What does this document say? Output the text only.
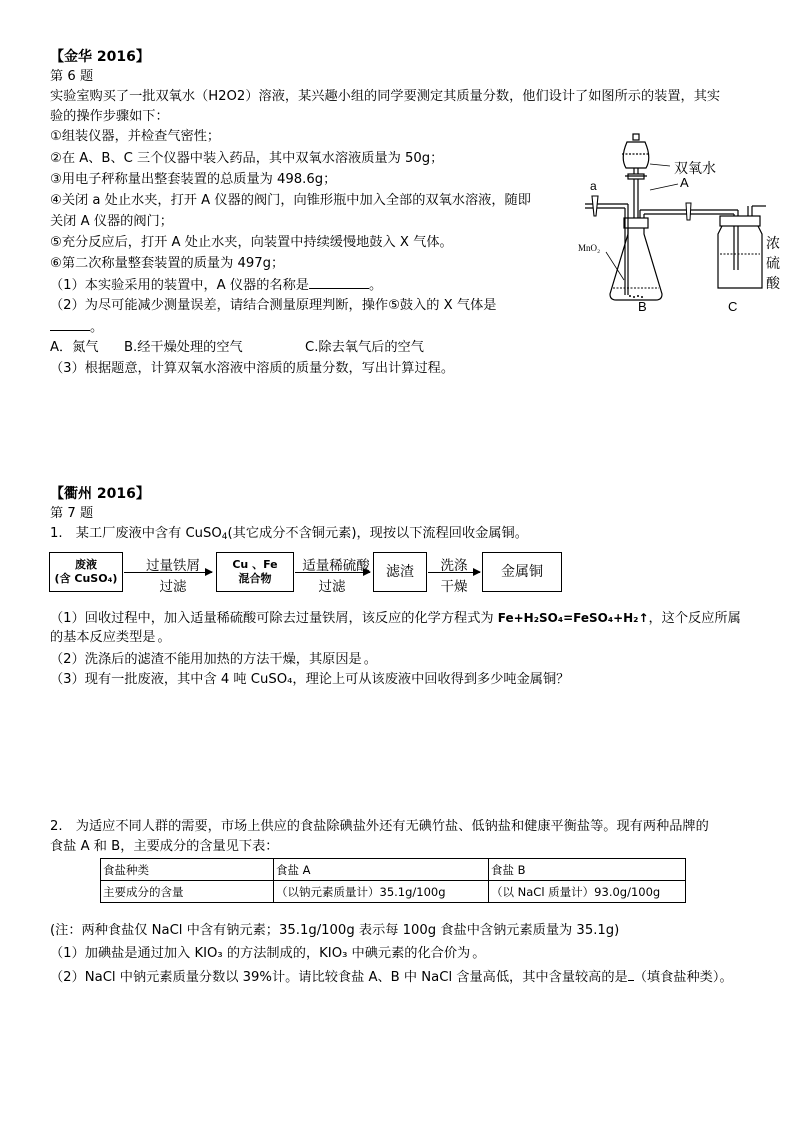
【金华 2016】
第 6 题
实验室购买了一批双氧水（H2O2）溶液，某兴趣小组的同学要测定其质量分数，他们设计了如图所示的装置，其实
验的操作步骤如下：
①组装仪器，并检查气密性；
②在 A、B、C 三个仪器中装入药品，其中双氧水溶液质量为 50g；
③用电子秤称量出整套装置的总质量为 498.6g；
④关闭 a 处止水夹，打开 A 仪器的阀门，向锥形瓶中加入全部的双氧水溶液，随即
关闭 A 仪器的阀门；
⑤充分反应后，打开 A 处止水夹，向装置中持续缓慢地鼓入 X 气体。
⑥第二次称量整套装置的质量为 497g；
（1）本实验采用的装置中，A 仪器的名称是	。
（2）为尽可能减少测量误差，请结合测量原理判断，操作⑤鼓入的 X 气体是
。
A．氮气 B.经干燥处理的空气	C.除去氧气后的空气
（3）根据题意，计算双氧水溶液中溶质的质量分数，写出计算过程。
双氧水
a	A
MnO₂	浓
硫
酸
B	C
【衢州 2016】
第 7 题
1.　某工厂废液中含有 CuSO$_4$(其它成分不含铜元素)，现按以下流程回收金属铜。
废液
(含 CuSO₄)
过量铁屑
过滤
Cu 、Fe
混合物
适量稀硫酸
过滤
滤渣	洗涤
干燥
金属铜
（1）回收过程中，加入适量稀硫酸可除去过量铁屑，该反应的化学方程式为 Fe+H₂SO₄=FeSO₄+H₂↑，这个反应所属
的基本反应类型是 。
（2）洗涤后的滤渣不能用加热的方法干燥，其原因是 。
（3）现有一批废液，其中含 4 吨 CuSO₄，理论上可从该废液中回收得到多少吨金属铜？
2.　为适应不同人群的需要，市场上供应的食盐除碘盐外还有无碘竹盐、低钠盐和健康平衡盐等。现有两种品牌的
食盐 A 和 B，主要成分的含量见下表：
食盐种类	食盐 A	食盐 B
主要成分的含量	（以钠元素质量计）35.1g/100g	（以 NaCl 质量计）93.0g/100g
(注：两种食盐仅 NaCl 中含有钠元素；35.1g/100g 表示每 100g 食盐中含钠元素质量为 35.1g)
（1）加碘盐是通过加入 KIO₃ 的方法制成的，KIO₃ 中碘元素的化合价为 。
（2）NaCl 中钠元素质量分数以 39%计。请比较食盐 A、B 中 NaCl 含量高低，其中含量较高的是 （填食盐种类）。
